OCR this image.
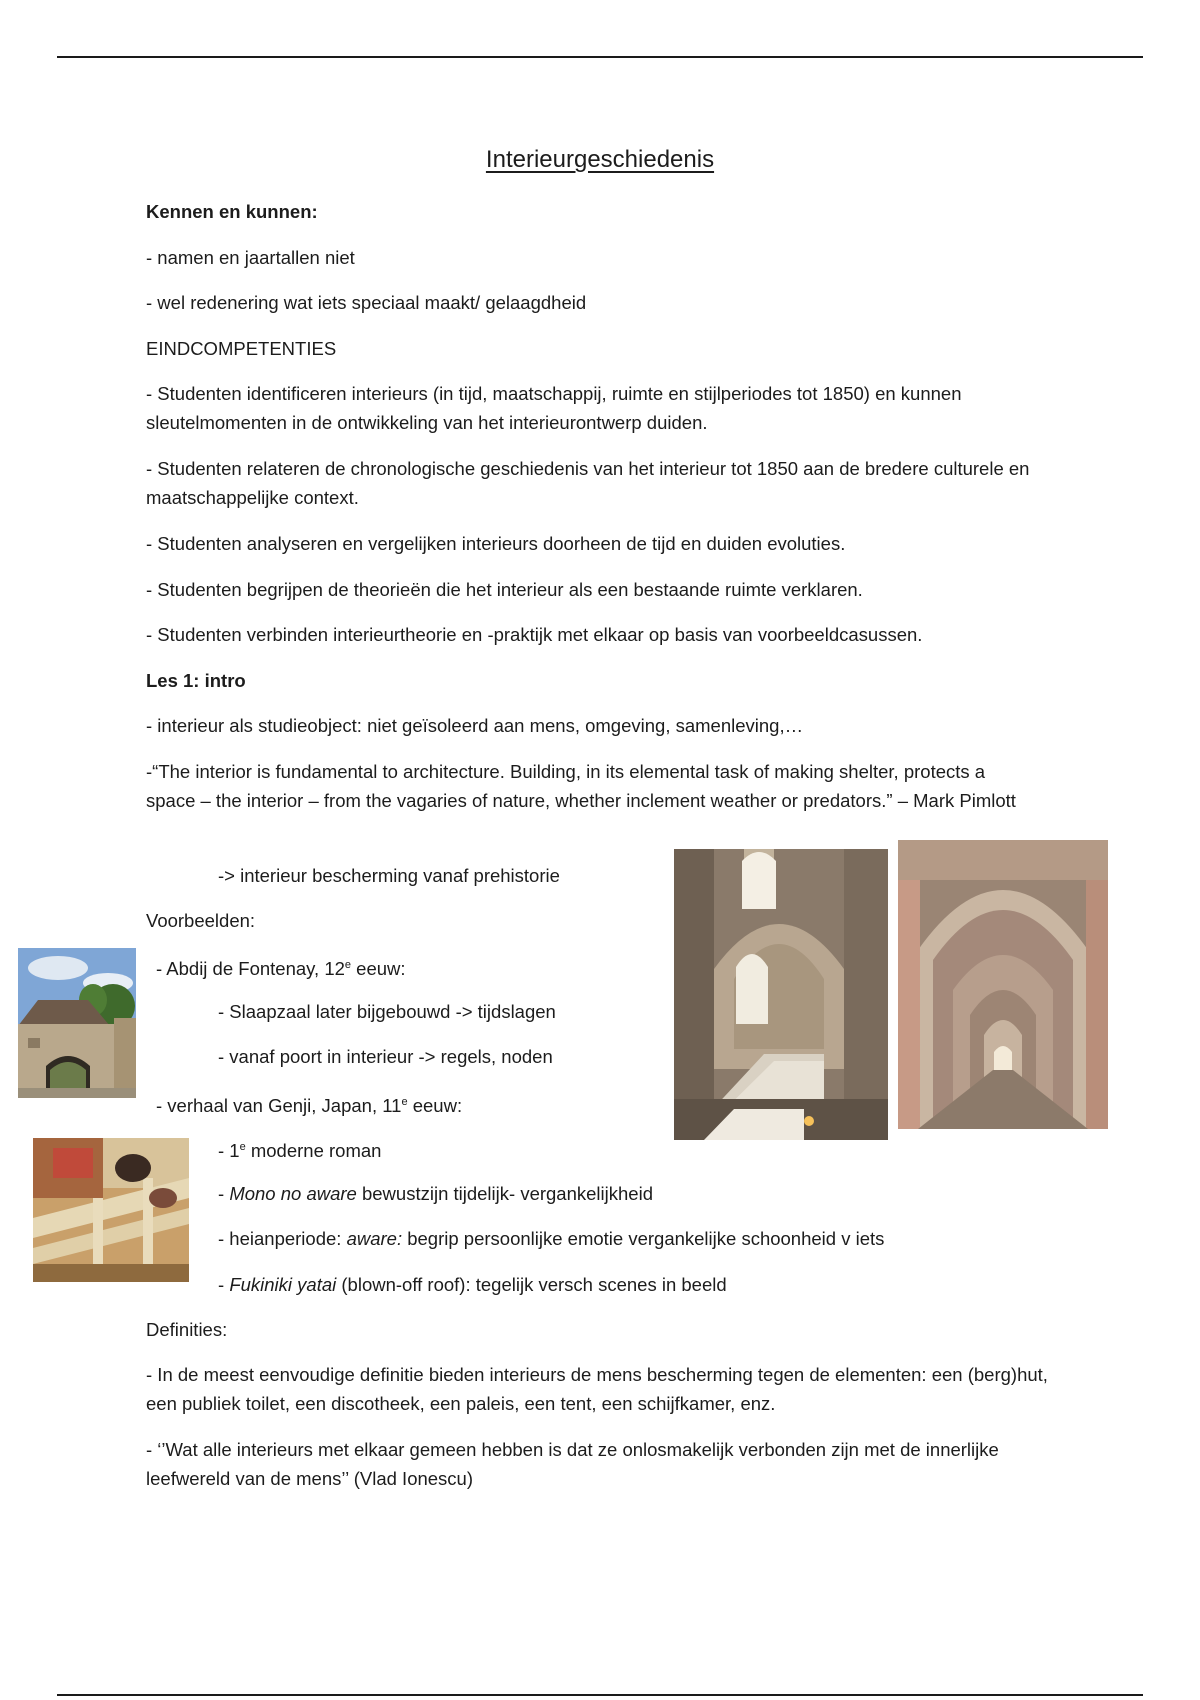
Interieurgeschiedenis
Kennen en kunnen:
- namen en jaartallen niet
- wel redenering wat iets speciaal maakt/ gelaagdheid
EINDCOMPETENTIES
- Studenten identificeren interieurs (in tijd, maatschappij, ruimte en stijlperiodes tot 1850) en kunnen sleutelmomenten in de ontwikkeling van het interieurontwerp duiden.
- Studenten relateren de chronologische geschiedenis van het interieur tot 1850 aan de bredere culturele en maatschappelijke context.
- Studenten analyseren en vergelijken interieurs doorheen de tijd en duiden evoluties.
- Studenten begrijpen de theorieën die het interieur als een bestaande ruimte verklaren.
- Studenten verbinden interieurtheorie en -praktijk met elkaar op basis van voorbeeldcasussen.
Les 1: intro
- interieur als studieobject: niet geïsoleerd aan mens, omgeving, samenleving,…
-“The interior is fundamental to architecture. Building, in its elemental task of making shelter, protects a space – the interior – from the vagaries of nature, whether inclement weather or predators.” – Mark Pimlott
-> interieur bescherming vanaf prehistorie
Voorbeelden:
- Abdij de Fontenay, 12e eeuw:
- Slaapzaal later bijgebouwd -> tijdslagen
- vanaf poort in interieur -> regels, noden
- verhaal van Genji, Japan, 11e eeuw:
- 1e moderne roman
- Mono no aware bewustzijn tijdelijk- vergankelijkheid
- heianperiode: aware: begrip persoonlijke emotie vergankelijke schoonheid v iets
- Fukiniki yatai (blown-off roof): tegelijk versch scenes in beeld
Definities:
- In de meest eenvoudige definitie bieden interieurs de mens bescherming tegen de elementen: een (berg)hut, een publiek toilet, een discotheek, een paleis, een tent, een schijfkamer, enz.
- ‘’Wat alle interieurs met elkaar gemeen hebben is dat ze onlosmakelijk verbonden zijn met de innerlijke leefwereld van de mens’’ (Vlad Ionescu)
